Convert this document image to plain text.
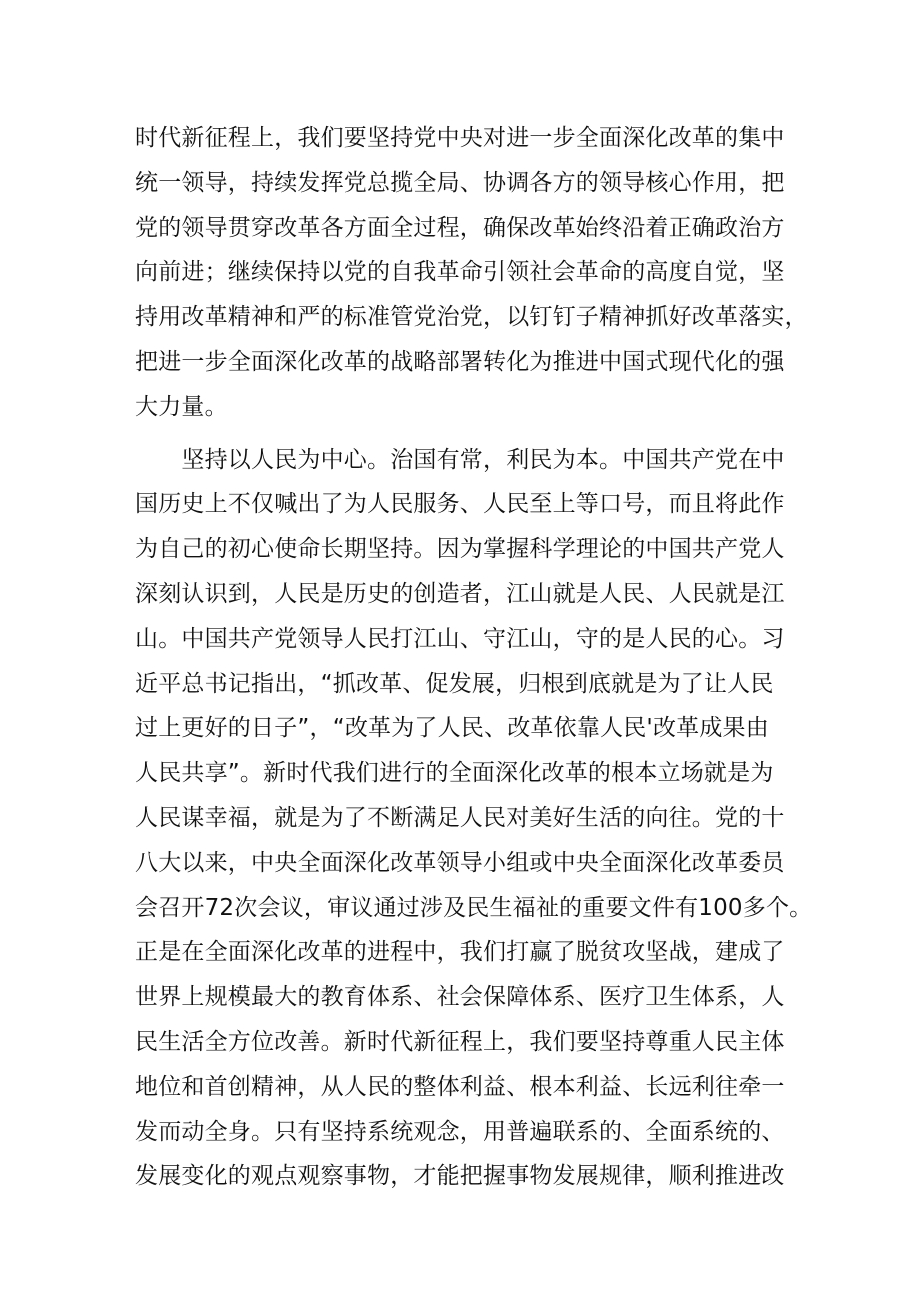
时代新征程上，我们要坚持党中央对进一步全面深化改革的集中
统一领导，持续发挥党总揽全局、协调各方的领导核心作用，把
党的领导贯穿改革各方面全过程，确保改革始终沿着正确政治方
向前进；继续保持以党的自我革命引领社会革命的高度自觉，坚
持用改革精神和严的标准管党治党，以钉钉子精神抓好改革落实，
把进一步全面深化改革的战略部署转化为推进中国式现代化的强
大力量。
　　坚持以人民为中心。治国有常，利民为本。中国共产党在中
国历史上不仅喊出了为人民服务、人民至上等口号，而且将此作
为自己的初心使命长期坚持。因为掌握科学理论的中国共产党人
深刻认识到，人民是历史的创造者，江山就是人民、人民就是江
山。中国共产党领导人民打江山、守江山，守的是人民的心。习
近平总书记指出，“抓改革、促发展，归根到底就是为了让人民
过上更好的日子”，“改革为了人民、改革依靠人民'改革成果由
人民共享”。新时代我们进行的全面深化改革的根本立场就是为
人民谋幸福，就是为了不断满足人民对美好生活的向往。党的十
八大以来，中央全面深化改革领导小组或中央全面深化改革委员
会召开72次会议，审议通过涉及民生福祉的重要文件有100多个。
正是在全面深化改革的进程中，我们打赢了脱贫攻坚战，建成了
世界上规模最大的教育体系、社会保障体系、医疗卫生体系，人
民生活全方位改善。新时代新征程上，我们要坚持尊重人民主体
地位和首创精神，从人民的整体利益、根本利益、长远利往牵一
发而动全身。只有坚持系统观念，用普遍联系的、全面系统的、
发展变化的观点观察事物，才能把握事物发展规律，顺利推进改
